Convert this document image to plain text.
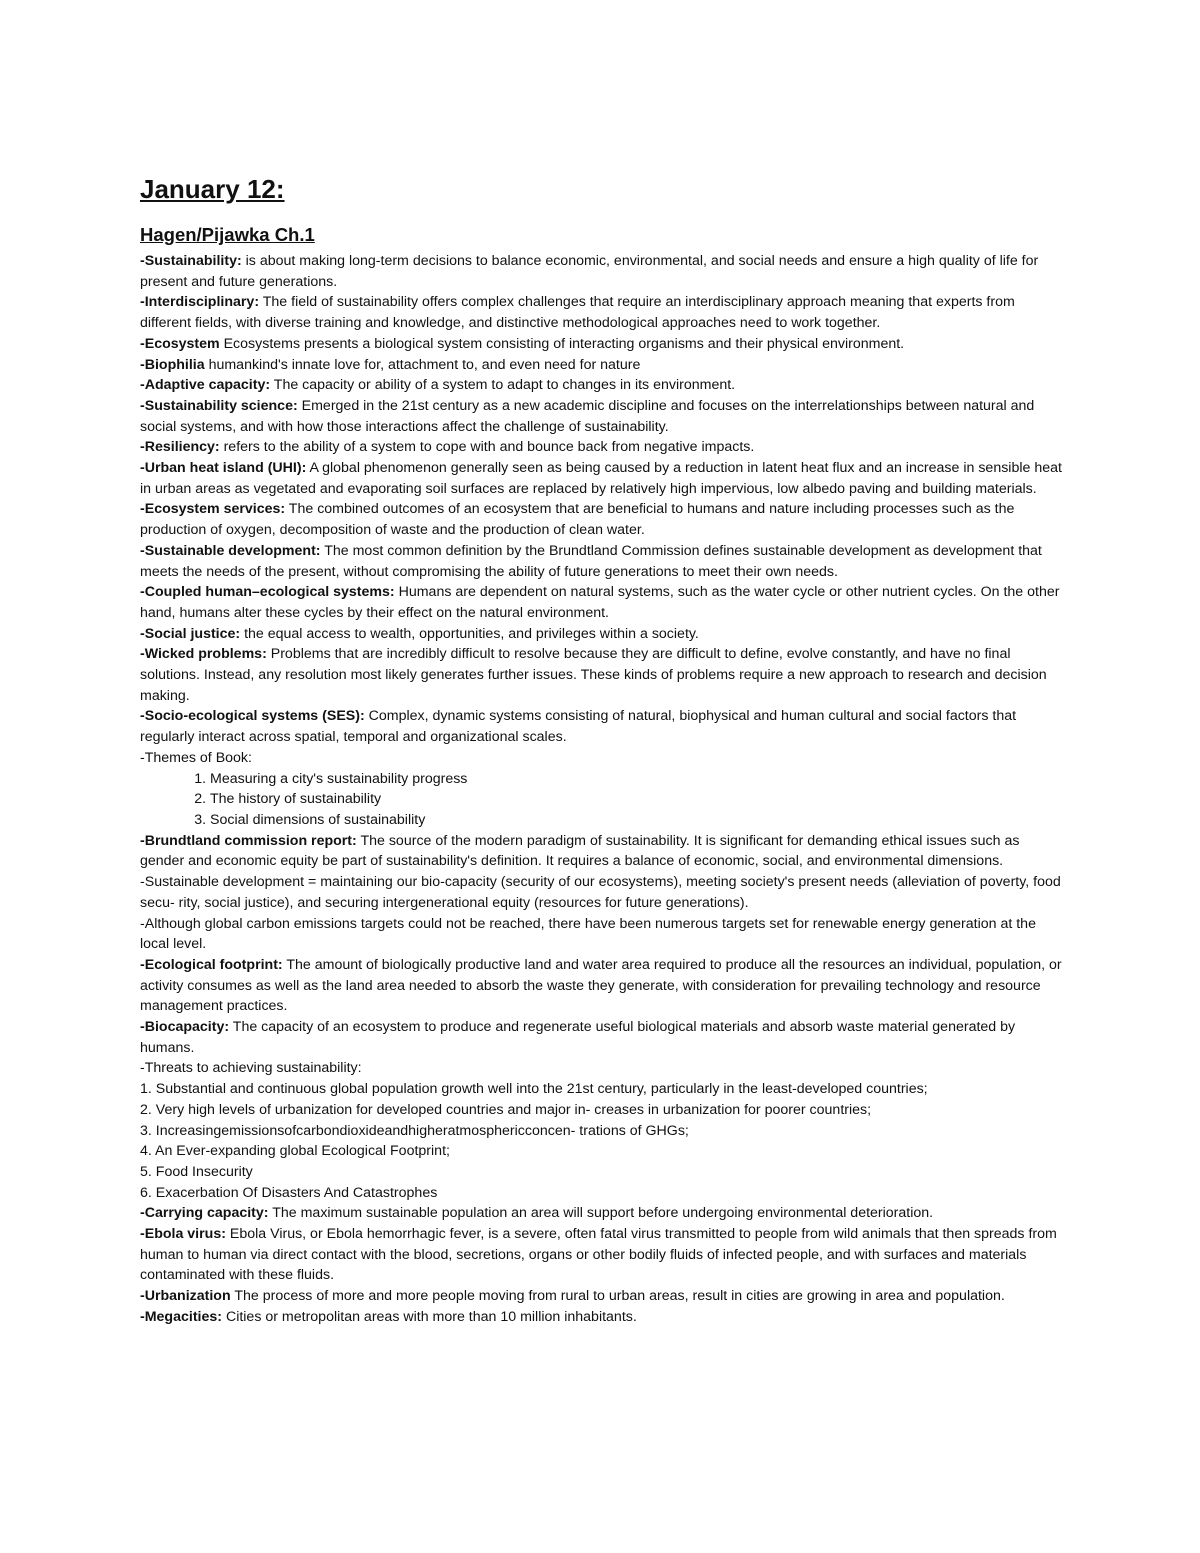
January 12:
Hagen/Pijawka Ch.1

-Sustainability: is about making long-term decisions to balance economic, environmental, and social needs and ensure a high quality of life for present and future generations.

-Interdisciplinary: The field of sustainability offers complex challenges that require an interdisciplinary approach meaning that experts from different fields, with diverse training and knowledge, and distinctive methodological approaches need to work together.

-Ecosystem Ecosystems presents a biological system consisting of interacting organisms and their physical environment.

-Biophilia humankind's innate love for, attachment to, and even need for nature

-Adaptive capacity: The capacity or ability of a system to adapt to changes in its environment.

-Sustainability science: Emerged in the 21st century as a new academic discipline and focuses on the interrelationships between natural and social systems, and with how those interactions affect the challenge of sustainability.

-Resiliency: refers to the ability of a system to cope with and bounce back from negative impacts.

-Urban heat island (UHI): A global phenomenon generally seen as being caused by a reduction in latent heat flux and an increase in sensible heat in urban areas as vegetated and evaporating soil surfaces are replaced by relatively high impervious, low albedo paving and building materials.

-Ecosystem services: The combined outcomes of an ecosystem that are beneficial to humans and nature including processes such as the production of oxygen, decomposition of waste and the production of clean water.

-Sustainable development: The most common definition by the Brundtland Commission defines sustainable development as development that meets the needs of the present, without compromising the ability of future generations to meet their own needs.

-Coupled human–ecological systems: Humans are dependent on natural systems, such as the water cycle or other nutrient cycles. On the other hand, humans alter these cycles by their effect on the natural environment.

-Social justice: the equal access to wealth, opportunities, and privileges within a society.

-Wicked problems: Problems that are incredibly difficult to resolve because they are difficult to define, evolve constantly, and have no final solutions. Instead, any resolution most likely generates further issues. These kinds of problems require a new approach to research and decision making.

-Socio-ecological systems (SES): Complex, dynamic systems consisting of natural, biophysical and human cultural and social factors that regularly interact across spatial, temporal and organizational scales.

-Themes of Book:

1. Measuring a city's sustainability progress
2. The history of sustainability
3. Social dimensions of sustainability

-Brundtland commission report: The source of the modern paradigm of sustainability. It is significant for demanding ethical issues such as gender and economic equity be part of sustainability's definition. It requires a balance of economic, social, and environmental dimensions.

-Sustainable development = maintaining our bio-capacity (security of our ecosystems), meeting society's present needs (alleviation of poverty, food secu- rity, social justice), and securing intergenerational equity (resources for future generations).

-Although global carbon emissions targets could not be reached, there have been numerous targets set for renewable energy generation at the local level.

-Ecological footprint: The amount of biologically productive land and water area required to produce all the resources an individual, population, or activity consumes as well as the land area needed to absorb the waste they generate, with consideration for prevailing technology and resource management practices.

-Biocapacity: The capacity of an ecosystem to produce and regenerate useful biological materials and absorb waste material generated by humans.

-Threats to achieving sustainability:

1. Substantial and continuous global population growth well into the 21st century, particularly in the least-developed countries;

2. Very high levels of urbanization for developed countries and major in- creases in urbanization for poorer countries;

3. Increasingemissionsofcarbondioxideandhigheratmosphericconcen- trations of GHGs;

4. An Ever-expanding global Ecological Footprint;

5. Food Insecurity

6. Exacerbation Of Disasters And Catastrophes

-Carrying capacity: The maximum sustainable population an area will support before undergoing environmental deterioration.

-Ebola virus: Ebola Virus, or Ebola hemorrhagic fever, is a severe, often fatal virus transmitted to people from wild animals that then spreads from human to human via direct contact with the blood, secretions, organs or other bodily fluids of infected people, and with surfaces and materials contaminated with these fluids.

-Urbanization The process of more and more people moving from rural to urban areas, result in cities are growing in area and population.

-Megacities: Cities or metropolitan areas with more than 10 million inhabitants.
